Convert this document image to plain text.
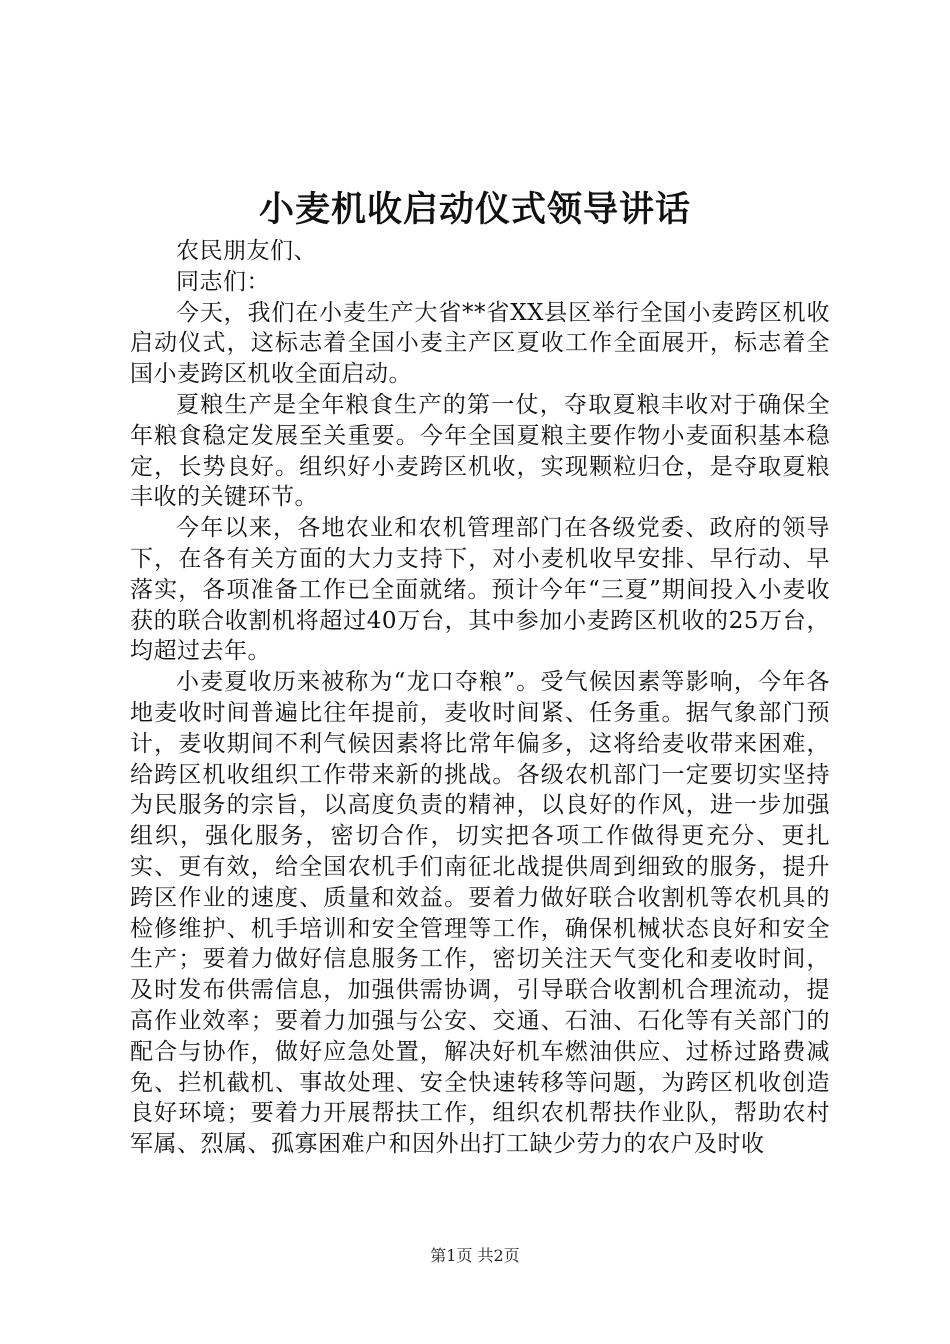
小麦机收启动仪式领导讲话

农民朋友们、

同志们：

今天，我们在小麦生产大省**省XX县区举行全国小麦跨区机收启动仪式，这标志着全国小麦主产区夏收工作全面展开，标志着全国小麦跨区机收全面启动。

夏粮生产是全年粮食生产的第一仗，夺取夏粮丰收对于确保全年粮食稳定发展至关重要。今年全国夏粮主要作物小麦面积基本稳定，长势良好。组织好小麦跨区机收，实现颗粒归仓，是夺取夏粮丰收的关键环节。

今年以来，各地农业和农机管理部门在各级党委、政府的领导下，在各有关方面的大力支持下，对小麦机收早安排、早行动、早落实，各项准备工作已全面就绪。预计今年“三夏”期间投入小麦收获的联合收割机将超过40万台，其中参加小麦跨区机收的25万台，均超过去年。

小麦夏收历来被称为“龙口夺粮”。受气候因素等影响，今年各地麦收时间普遍比往年提前，麦收时间紧、任务重。据气象部门预计，麦收期间不利气候因素将比常年偏多，这将给麦收带来困难，给跨区机收组织工作带来新的挑战。各级农机部门一定要切实坚持为民服务的宗旨，以高度负责的精神，以良好的作风，进一步加强组织，强化服务，密切合作，切实把各项工作做得更充分、更扎实、更有效，给全国农机手们南征北战提供周到细致的服务，提升跨区作业的速度、质量和效益。要着力做好联合收割机等农机具的检修维护、机手培训和安全管理等工作，确保机械状态良好和安全生产；要着力做好信息服务工作，密切关注天气变化和麦收时间，及时发布供需信息，加强供需协调，引导联合收割机合理流动，提高作业效率；要着力加强与公安、交通、石油、石化等有关部门的配合与协作，做好应急处置，解决好机车燃油供应、过桥过路费减免、拦机截机、事故处理、安全快速转移等问题，为跨区机收创造良好环境；要着力开展帮扶工作，组织农机帮扶作业队，帮助农村军属、烈属、孤寡困难户和因外出打工缺少劳力的农户及时收

第1页 共2页
